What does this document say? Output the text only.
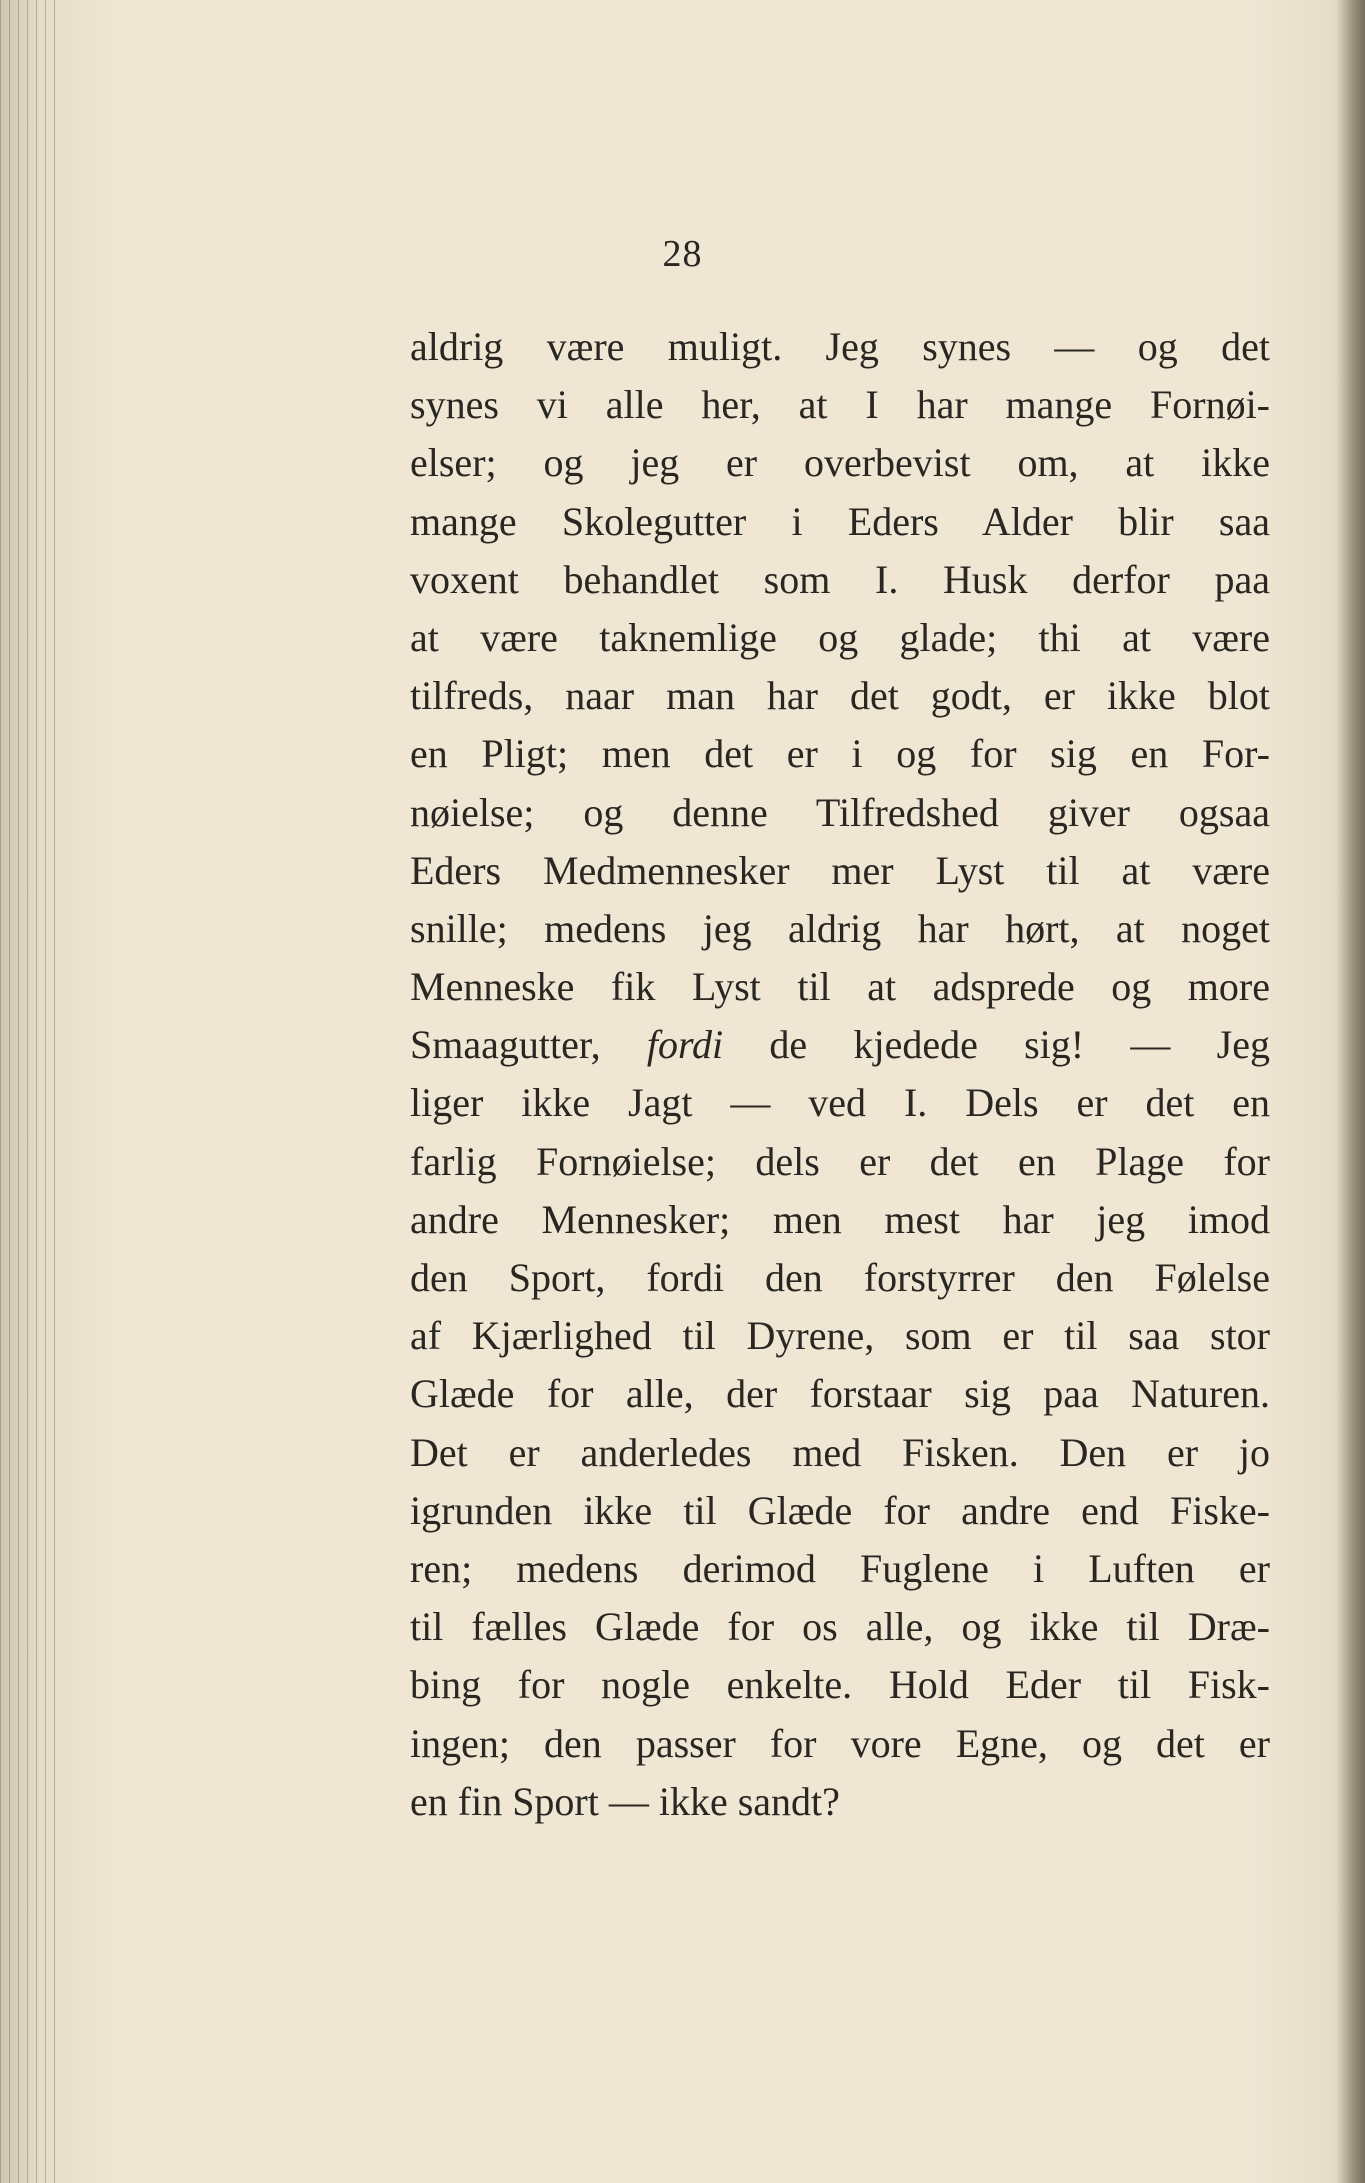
28
aldrig være muligt. Jeg synes — og det
synes vi alle her, at I har mange Fornøi-
elser; og jeg er overbevist om, at ikke
mange Skolegutter i Eders Alder blir saa
voxent behandlet som I. Husk derfor paa
at være taknemlige og glade; thi at være
tilfreds, naar man har det godt, er ikke blot
en Pligt; men det er i og for sig en For-
nøielse; og denne Tilfredshed giver ogsaa
Eders Medmennesker mer Lyst til at være
snille; medens jeg aldrig har hørt, at noget
Menneske fik Lyst til at adsprede og more
Smaagutter, fordi de kjedede sig! — Jeg
liger ikke Jagt — ved I. Dels er det en
farlig Fornøielse; dels er det en Plage for
andre Mennesker; men mest har jeg imod
den Sport, fordi den forstyrrer den Følelse
af Kjærlighed til Dyrene, som er til saa stor
Glæde for alle, der forstaar sig paa Naturen.
Det er anderledes med Fisken. Den er jo
igrunden ikke til Glæde for andre end Fiske-
ren; medens derimod Fuglene i Luften er
til fælles Glæde for os alle, og ikke til Dræ-
bing for nogle enkelte. Hold Eder til Fisk-
ingen; den passer for vore Egne, og det er
en fin Sport — ikke sandt?
